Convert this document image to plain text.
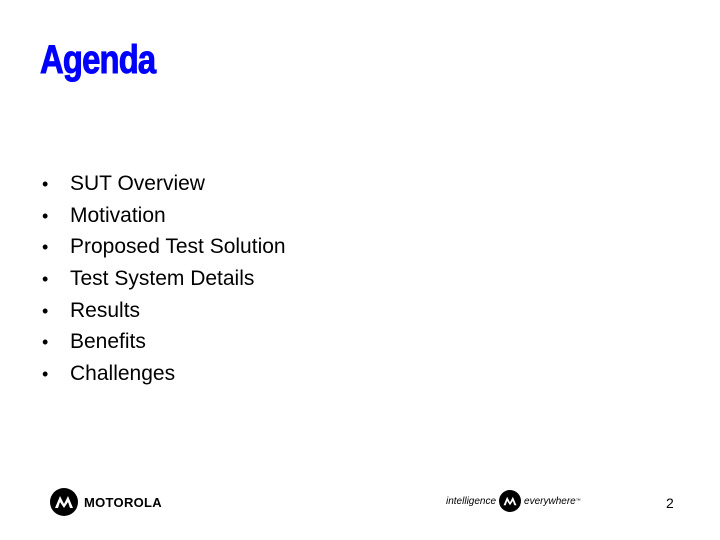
Agenda
•	SUT Overview
•	Motivation
•	Proposed Test Solution
•	Test System Details
•	Results
•	Benefits
•	Challenges
MOTOROLA	intelligence	everywhere ™	2
